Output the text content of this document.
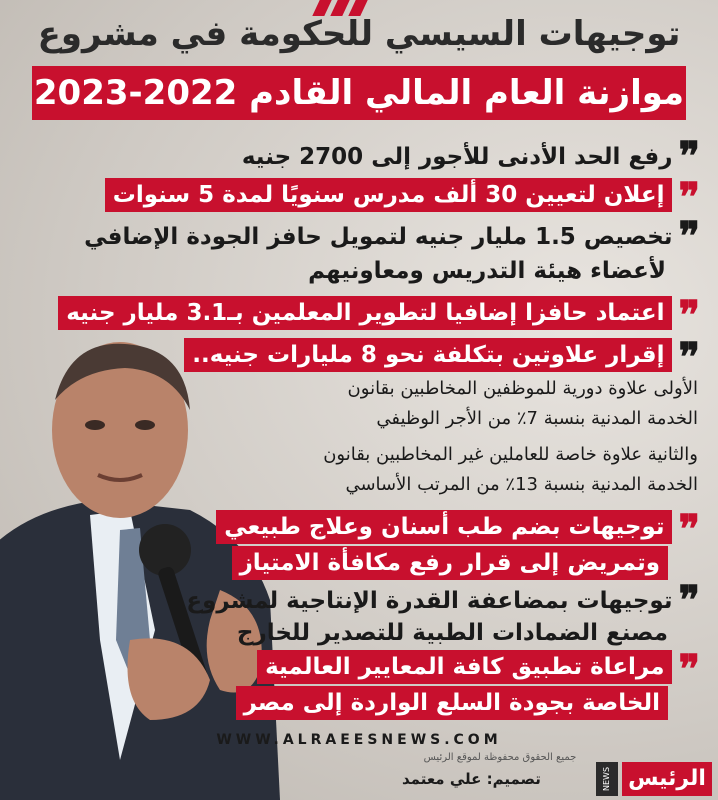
توجيهات السيسي للحكومة في مشروع
موازنة العام المالي القادم 2022-2023
❞رفع الحد الأدنى للأجور إلى 2700 جنيه
❞إعلان لتعيين 30 ألف مدرس سنويًا لمدة 5 سنوات
❞تخصيص 1.5 مليار جنيه لتمويل حافز الجودة الإضافي
لأعضاء هيئة التدريس ومعاونيهم
❞اعتماد حافزا إضافيا لتطوير المعلمين بـ3.1 مليار جنيه
❞إقرار علاوتين بتكلفة نحو 8 مليارات جنيه..
الأولى علاوة دورية للموظفين المخاطبين بقانون
الخدمة المدنية بنسبة 7٪ من الأجر الوظيفي
والثانية علاوة خاصة للعاملين غير المخاطبين بقانون
الخدمة المدنية بنسبة 13٪ من المرتب الأساسي
❞توجيهات بضم طب أسنان وعلاج طبيعي
وتمريض إلى قرار رفع مكافأة الامتياز
❞توجيهات بمضاعفة القدرة الإنتاجية لمشروع
مصنع الضمادات الطبية للتصدير للخارج
❞مراعاة تطبيق كافة المعايير العالمية
الخاصة بجودة السلع الواردة إلى مصر
WWW.ALRAEESNEWS.COM
جميع الحقوق محفوظة لموقع الرئيس
تصميم: علي معتمد	NEWS الرئيس
